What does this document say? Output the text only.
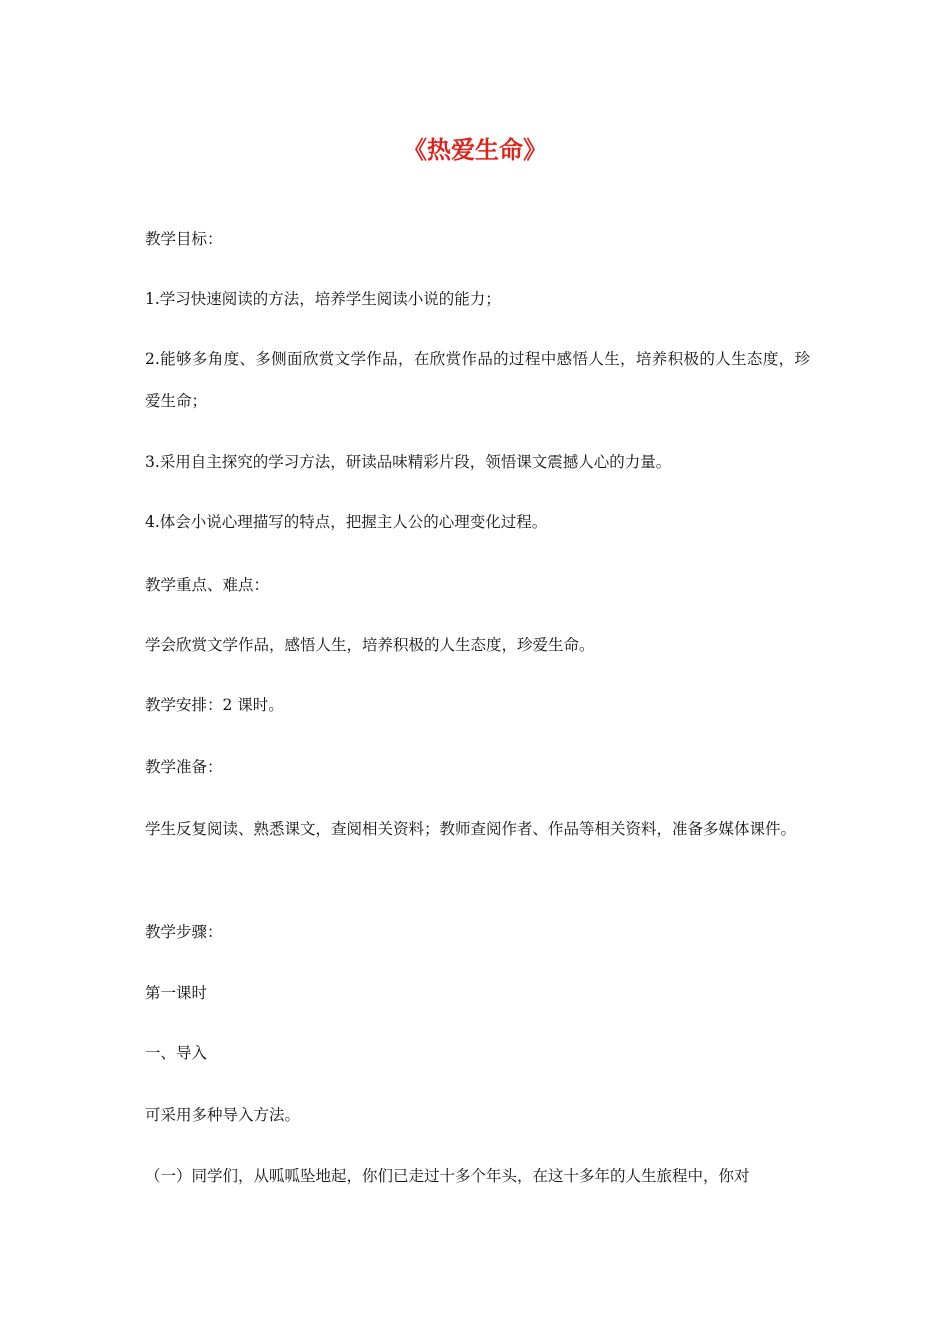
《热爱生命》
教学目标：
1.学习快速阅读的方法，培养学生阅读小说的能力；
2.能够多角度、多侧面欣赏文学作品，在欣赏作品的过程中感悟人生，培养积极的人生态度，珍爱生命；
3.采用自主探究的学习方法，研读品味精彩片段，领悟课文震撼人心的力量。
4.体会小说心理描写的特点，把握主人公的心理变化过程。
教学重点、难点：
学会欣赏文学作品，感悟人生，培养积极的人生态度，珍爱生命。
教学安排：2 课时。
教学准备：
学生反复阅读、熟悉课文，查阅相关资料；教师查阅作者、作品等相关资料，准备多媒体课件。
教学步骤：
第一课时
一、导入
可采用多种导入方法。
（一）同学们，从呱呱坠地起，你们已走过十多个年头，在这十多年的人生旅程中，你对
